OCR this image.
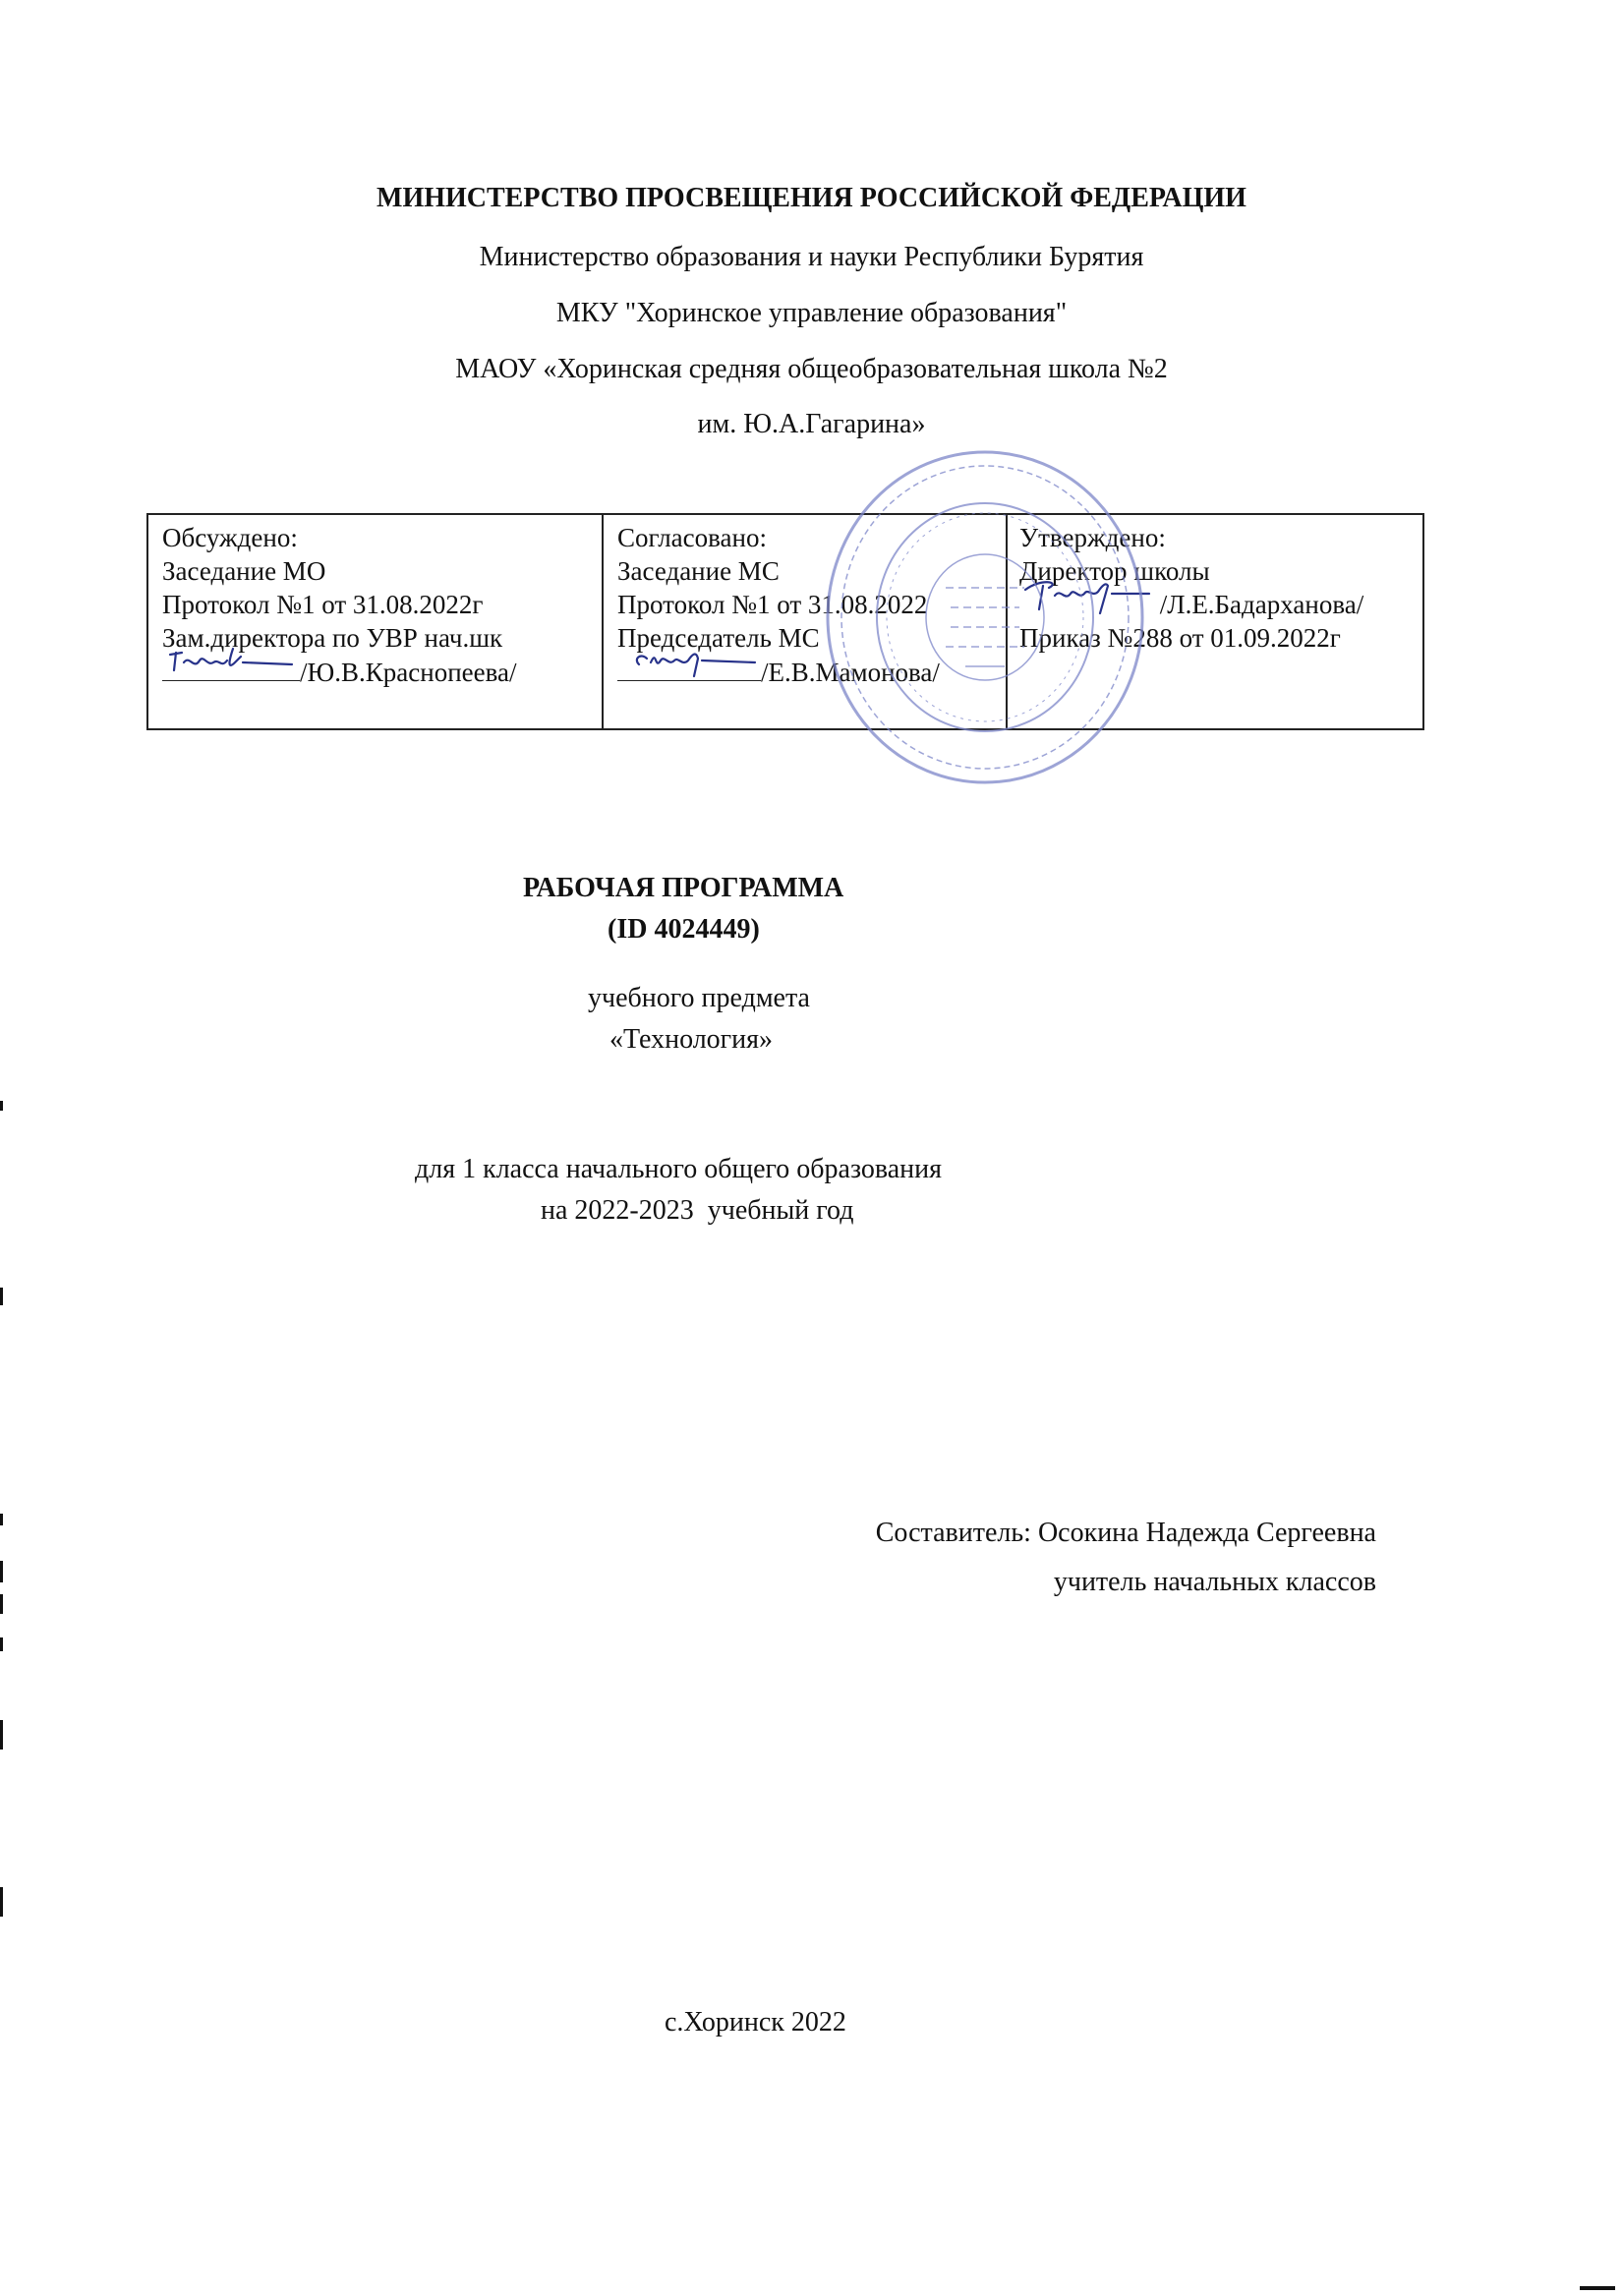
МИНИСТЕРСТВО ПРОСВЕЩЕНИЯ РОССИЙСКОЙ ФЕДЕРАЦИИ
Министерство образования и науки Республики Бурятия
МКУ "Хоринское управление образования"
МАОУ «Хоринская средняя общеобразовательная школа №2
им. Ю.А.Гагарина»
Обсуждено:
Заседание МО
Протокол №1 от 31.08.2022г
Зам.директора по УВР нач.шк
/Ю.В.Краснопеева/
Согласовано:
Заседание МС
Протокол №1 от 31.08.2022
Председатель МС
/Е.В.Мамонова/
Утверждено:
Директор школы
/Л.Е.Бадарханова/
Приказ №288 от 01.09.2022г
РАБОЧАЯ ПРОГРАММА
(ID 4024449)
учебного предмета
«Технология»
для 1 класса начального общего образования
на 2022-2023  учебный год
Составитель: Осокина Надежда Сергеевна
учитель начальных классов
с.Хоринск 2022
